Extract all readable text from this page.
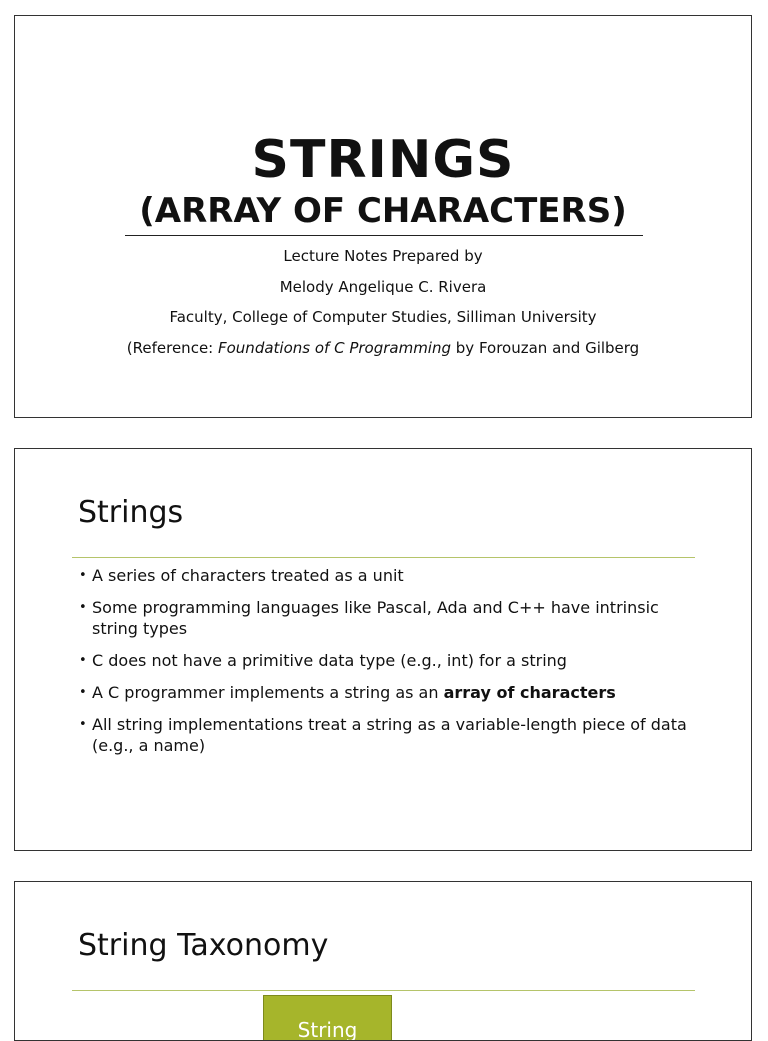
STRINGS
(ARRAY OF CHARACTERS)
Lecture Notes Prepared by
Melody Angelique C. Rivera
Faculty, College of Computer Studies, Silliman University
(Reference: Foundations of C Programming by Forouzan and Gilberg
Strings
• A series of characters treated as a unit
• Some programming languages like Pascal, Ada and C++ have intrinsic string types
• C does not have a primitive data type (e.g., int) for a string
• A C programmer implements a string as an array of characters
• All string implementations treat a string as a variable-length piece of data (e.g., a name)
String Taxonomy
String
